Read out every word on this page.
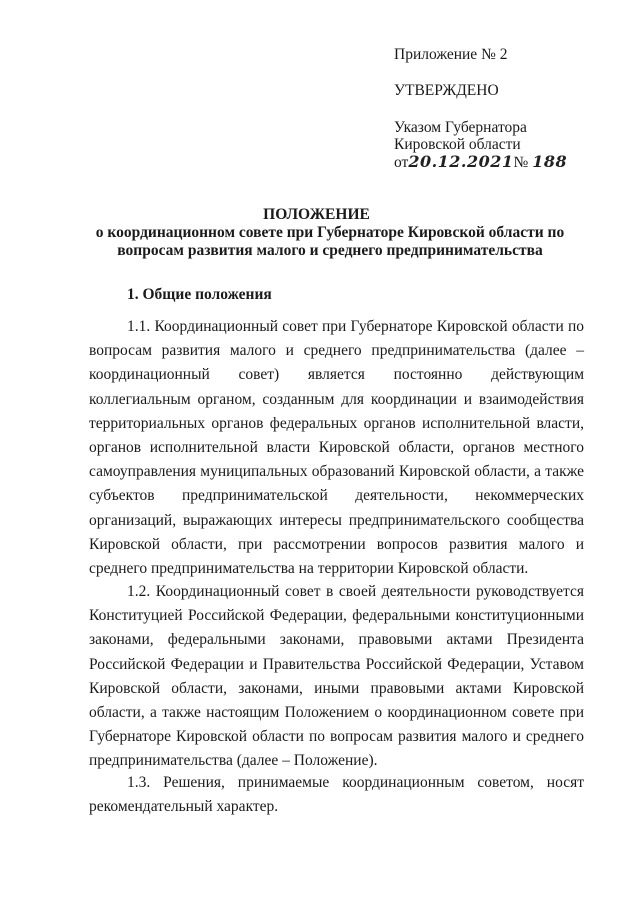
Приложение № 2
УТВЕРЖДЕНО
Указом Губернатора
Кировской области
от20.12.2021№ 188
ПОЛОЖЕНИЕ
о координационном совете при Губернаторе Кировской области по вопросам развития малого и среднего предпринимательства
1. Общие положения
1.1. Координационный совет при Губернаторе Кировской области по вопросам развития малого и среднего предпринимательства (далее – координационный совет) является постоянно действующим коллегиальным органом, созданным для координации и взаимодействия территориальных органов федеральных органов исполнительной власти, органов исполнительной власти Кировской области, органов местного самоуправления муниципальных образований Кировской области, а также субъектов предпринимательской деятельности, некоммерческих организаций, выражающих интересы предпринимательского сообщества Кировской области, при рассмотрении вопросов развития малого и среднего предпринимательства на территории Кировской области.
1.2. Координационный совет в своей деятельности руководствуется Конституцией Российской Федерации, федеральными конституционными законами, федеральными законами, правовыми актами Президента Российской Федерации и Правительства Российской Федерации, Уставом Кировской области, законами, иными правовыми актами Кировской области, а также настоящим Положением о координационном совете при Губернаторе Кировской области по вопросам развития малого и среднего предпринимательства (далее – Положение).
1.3. Решения, принимаемые координационным советом, носят рекомендательный характер.
